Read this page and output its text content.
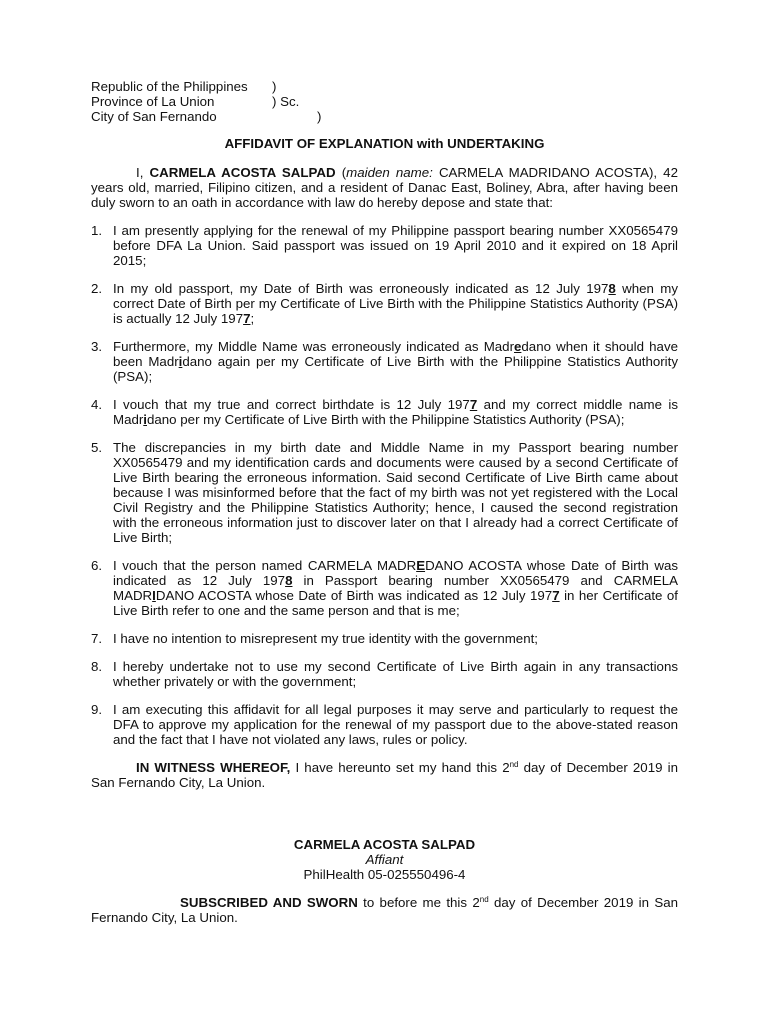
Republic of the Philippines
Province of La Union
City of San Fernando
)
) Sc.
)
AFFIDAVIT OF EXPLANATION with UNDERTAKING

I, CARMELA ACOSTA SALPAD (maiden name: CARMELA MADRIDANO ACOSTA), 42 years old, married, Filipino citizen, and a resident of Danac East, Boliney, Abra, after having been duly sworn to an oath in accordance with law do hereby depose and state that:

1. I am presently applying for the renewal of my Philippine passport bearing number XX0565479 before DFA La Union. Said passport was issued on 19 April 2010 and it expired on 18 April 2015;
2. In my old passport, my Date of Birth was erroneously indicated as 12 July 1978 when my correct Date of Birth per my Certificate of Live Birth with the Philippine Statistics Authority (PSA) is actually 12 July 1977;
3. Furthermore, my Middle Name was erroneously indicated as Madredano when it should have been Madridano again per my Certificate of Live Birth with the Philippine Statistics Authority (PSA);
4. I vouch that my true and correct birthdate is 12 July 1977 and my correct middle name is Madridano per my Certificate of Live Birth with the Philippine Statistics Authority (PSA);
5. The discrepancies in my birth date and Middle Name in my Passport bearing number XX0565479 and my identification cards and documents were caused by a second Certificate of Live Birth bearing the erroneous information. Said second Certificate of Live Birth came about because I was misinformed before that the fact of my birth was not yet registered with the Local Civil Registry and the Philippine Statistics Authority; hence, I caused the second registration with the erroneous information just to discover later on that I already had a correct Certificate of Live Birth;
6. I vouch that the person named CARMELA MADREDANO ACOSTA whose Date of Birth was indicated as 12 July 1978 in Passport bearing number XX0565479 and CARMELA MADRIDANO ACOSTA whose Date of Birth was indicated as 12 July 1977 in her Certificate of Live Birth refer to one and the same person and that is me;
7. I have no intention to misrepresent my true identity with the government;
8. I hereby undertake not to use my second Certificate of Live Birth again in any transactions whether privately or with the government;
9. I am executing this affidavit for all legal purposes it may serve and particularly to request the DFA to approve my application for the renewal of my passport due to the above-stated reason and the fact that I have not violated any laws, rules or policy.

IN WITNESS WHEREOF, I have hereunto set my hand this 2nd day of December 2019 in San Fernando City, La Union.

CARMELA ACOSTA SALPAD
Affiant
PhilHealth 05-025550496-4

SUBSCRIBED AND SWORN to before me this 2nd day of December 2019 in San Fernando City, La Union.
